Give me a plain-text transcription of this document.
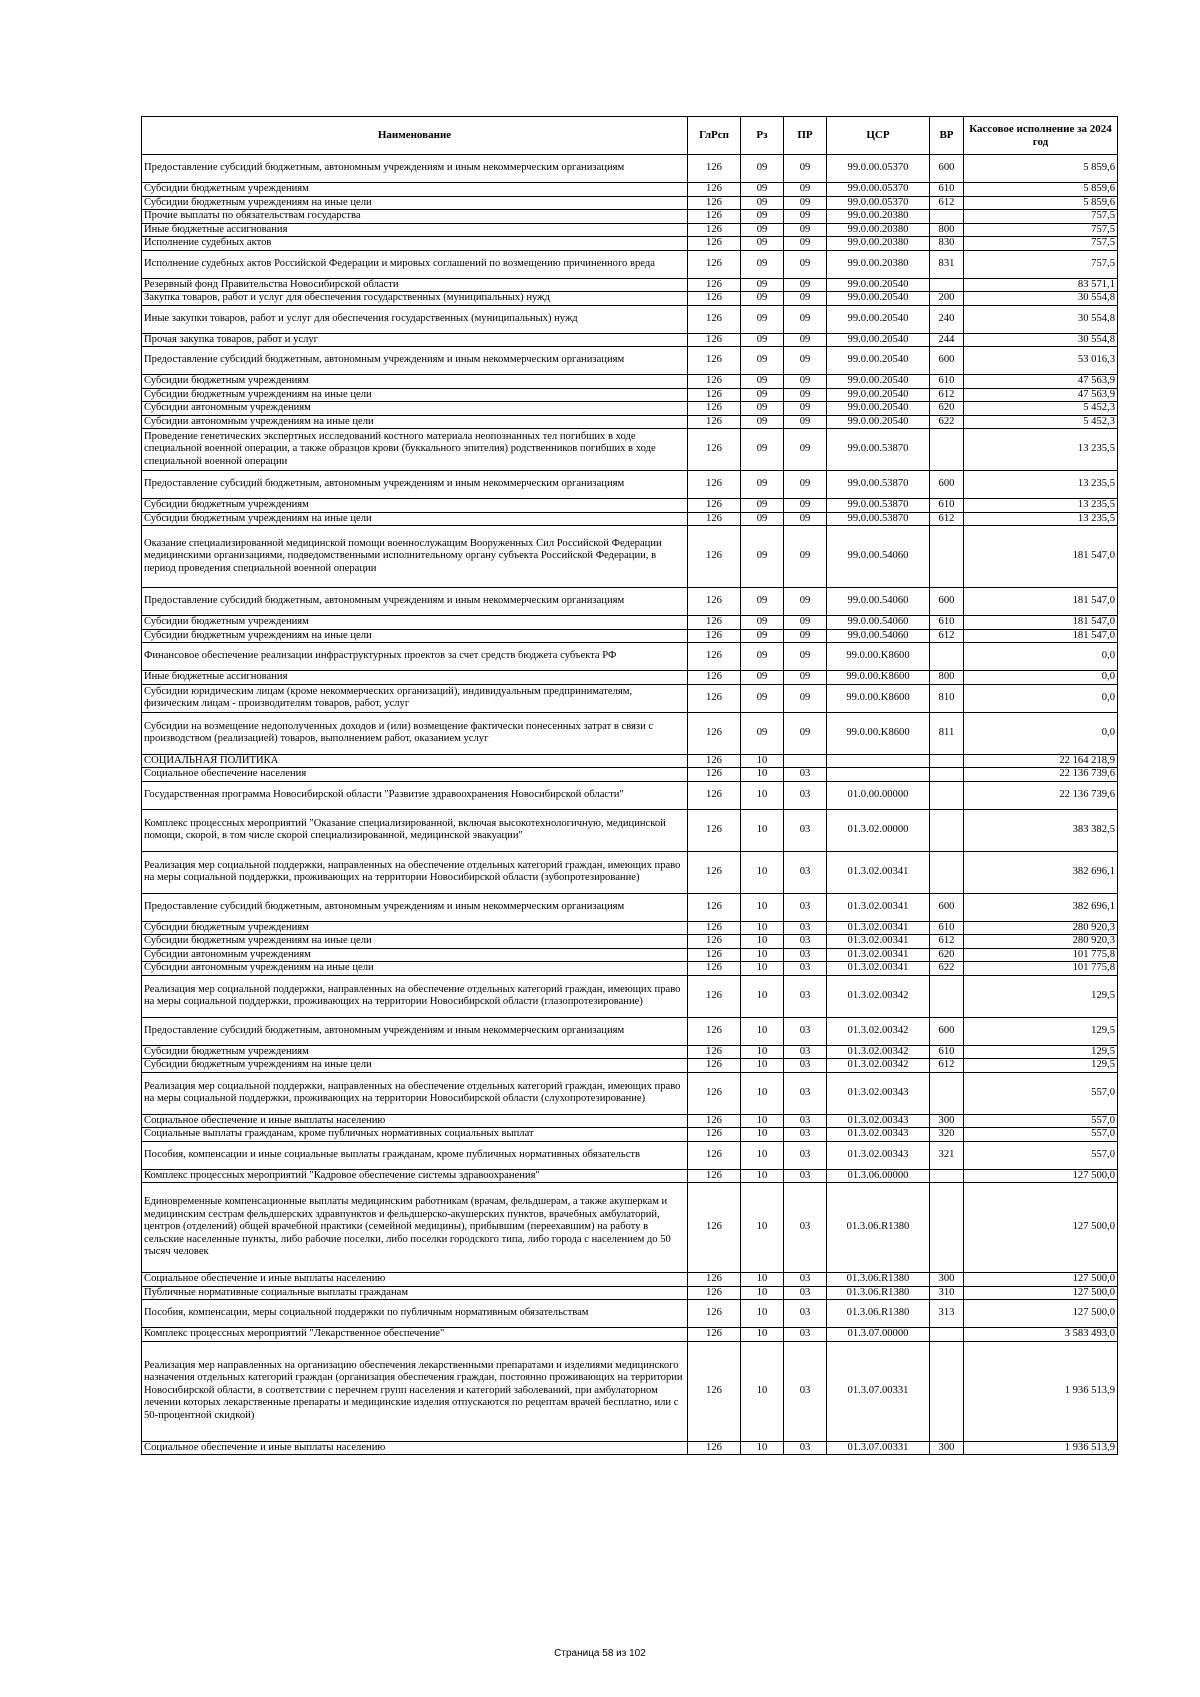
Наименование	ГлРсп	Рз	ПР	ЦСР	ВР	Кассовое исполнение за 2024 год
Предоставление субсидий бюджетным, автономным учреждениям и иным некоммерческим организациям	126	09	09	99.0.00.05370	600	5 859,6
Субсидии бюджетным учреждениям	126	09	09	99.0.00.05370	610	5 859,6
Субсидии бюджетным учреждениям на иные цели	126	09	09	99.0.00.05370	612	5 859,6
Прочие выплаты по обязательствам государства	126	09	09	99.0.00.20380		757,5
Иные бюджетные ассигнования	126	09	09	99.0.00.20380	800	757,5
Исполнение судебных актов	126	09	09	99.0.00.20380	830	757,5
Исполнение судебных актов Российской Федерации и мировых соглашений по возмещению причиненного вреда	126	09	09	99.0.00.20380	831	757,5
Резервный фонд Правительства Новосибирской области	126	09	09	99.0.00.20540		83 571,1
Закупка товаров, работ и услуг для обеспечения государственных (муниципальных) нужд	126	09	09	99.0.00.20540	200	30 554,8
Иные закупки товаров, работ и услуг для обеспечения государственных (муниципальных) нужд	126	09	09	99.0.00.20540	240	30 554,8
Прочая закупка товаров, работ и услуг	126	09	09	99.0.00.20540	244	30 554,8
Предоставление субсидий бюджетным, автономным учреждениям и иным некоммерческим организациям	126	09	09	99.0.00.20540	600	53 016,3
Субсидии бюджетным учреждениям	126	09	09	99.0.00.20540	610	47 563,9
Субсидии бюджетным учреждениям на иные цели	126	09	09	99.0.00.20540	612	47 563,9
Субсидии автономным учреждениям	126	09	09	99.0.00.20540	620	5 452,3
Субсидии автономным учреждениям на иные цели	126	09	09	99.0.00.20540	622	5 452,3
Проведение генетических экспертных исследований костного материала неопознанных тел погибших в ходе специальной военной операции, а также образцов крови (буккального эпителия) родственников погибших в ходе специальной военной операции	126	09	09	99.0.00.53870		13 235,5
Предоставление субсидий бюджетным, автономным учреждениям и иным некоммерческим организациям	126	09	09	99.0.00.53870	600	13 235,5
Субсидии бюджетным учреждениям	126	09	09	99.0.00.53870	610	13 235,5
Субсидии бюджетным учреждениям на иные цели	126	09	09	99.0.00.53870	612	13 235,5
Оказание специализированной медицинской помощи военнослужащим Вооруженных Сил Российской Федерации медицинскими организациями, подведомственными исполнительному органу субъекта Российской Федерации, в период проведения специальной военной операции	126	09	09	99.0.00.54060		181 547,0
Предоставление субсидий бюджетным, автономным учреждениям и иным некоммерческим организациям	126	09	09	99.0.00.54060	600	181 547,0
Субсидии бюджетным учреждениям	126	09	09	99.0.00.54060	610	181 547,0
Субсидии бюджетным учреждениям на иные цели	126	09	09	99.0.00.54060	612	181 547,0
Финансовое обеспечение реализации инфраструктурных проектов за счет средств бюджета субъекта РФ	126	09	09	99.0.00.K8600		0,0
Иные бюджетные ассигнования	126	09	09	99.0.00.K8600	800	0,0
Субсидии юридическим лицам (кроме некоммерческих организаций), индивидуальным предпринимателям, физическим лицам - производителям товаров, работ, услуг	126	09	09	99.0.00.K8600	810	0,0
Субсидии на возмещение недополученных доходов и (или) возмещение фактически понесенных затрат в связи с производством (реализацией) товаров, выполнением работ, оказанием услуг	126	09	09	99.0.00.K8600	811	0,0
СОЦИАЛЬНАЯ ПОЛИТИКА	126	10				22 164 218,9
Социальное обеспечение населения	126	10	03			22 136 739,6
Государственная программа Новосибирской области "Развитие здравоохранения Новосибирской области"	126	10	03	01.0.00.00000		22 136 739,6
Комплекс процессных мероприятий "Оказание специализированной, включая высокотехнологичную, медицинской помощи, скорой, в том числе скорой специализированной, медицинской эвакуации"	126	10	03	01.3.02.00000		383 382,5
Реализация мер социальной поддержки, направленных на обеспечение отдельных категорий граждан, имеющих право на меры социальной поддержки, проживающих на территории Новосибирской области (зубопротезирование)	126	10	03	01.3.02.00341		382 696,1
Предоставление субсидий бюджетным, автономным учреждениям и иным некоммерческим организациям	126	10	03	01.3.02.00341	600	382 696,1
Субсидии бюджетным учреждениям	126	10	03	01.3.02.00341	610	280 920,3
Субсидии бюджетным учреждениям на иные цели	126	10	03	01.3.02.00341	612	280 920,3
Субсидии автономным учреждениям	126	10	03	01.3.02.00341	620	101 775,8
Субсидии автономным учреждениям на иные цели	126	10	03	01.3.02.00341	622	101 775,8
Реализация мер социальной поддержки, направленных на обеспечение отдельных категорий граждан, имеющих право на меры социальной поддержки, проживающих на территории Новосибирской области (глазопротезирование)	126	10	03	01.3.02.00342		129,5
Предоставление субсидий бюджетным, автономным учреждениям и иным некоммерческим организациям	126	10	03	01.3.02.00342	600	129,5
Субсидии бюджетным учреждениям	126	10	03	01.3.02.00342	610	129,5
Субсидии бюджетным учреждениям на иные цели	126	10	03	01.3.02.00342	612	129,5
Реализация мер социальной поддержки, направленных на обеспечение отдельных категорий граждан, имеющих право на меры социальной поддержки, проживающих на территории Новосибирской области (слухопротезирование)	126	10	03	01.3.02.00343		557,0
Социальное обеспечение и иные выплаты населению	126	10	03	01.3.02.00343	300	557,0
Социальные выплаты гражданам, кроме публичных нормативных социальных выплат	126	10	03	01.3.02.00343	320	557,0
Пособия, компенсации и иные социальные выплаты гражданам, кроме публичных нормативных обязательств	126	10	03	01.3.02.00343	321	557,0
Комплекс процессных мероприятий "Кадровое обеспечение системы здравоохранения"	126	10	03	01.3.06.00000		127 500,0
Единовременные компенсационные выплаты медицинским работникам (врачам, фельдшерам, а также акушеркам и медицинским сестрам фельдшерских здравпунктов и фельдшерско-акушерских пунктов, врачебных амбулаторий, центров (отделений) общей врачебной практики (семейной медицины), прибывшим (переехавшим) на работу в сельские населенные пункты, либо рабочие поселки, либо поселки городского типа, либо города с населением до 50 тысяч человек	126	10	03	01.3.06.R1380		127 500,0
Социальное обеспечение и иные выплаты населению	126	10	03	01.3.06.R1380	300	127 500,0
Публичные нормативные социальные выплаты гражданам	126	10	03	01.3.06.R1380	310	127 500,0
Пособия, компенсации, меры социальной поддержки по публичным нормативным обязательствам	126	10	03	01.3.06.R1380	313	127 500,0
Комплекс процессных мероприятий "Лекарственное обеспечение"	126	10	03	01.3.07.00000		3 583 493,0
Реализация мер направленных на организацию обеспечения лекарственными препаратами и изделиями медицинского назначения отдельных категорий граждан (организация обеспечения граждан, постоянно проживающих на территории Новосибирской области, в соответствии с перечнем групп населения и категорий заболеваний, при амбулаторном лечении которых лекарственные препараты и медицинские изделия отпускаются по рецептам врачей бесплатно, или с 50-процентной скидкой)	126	10	03	01.3.07.00331		1 936 513,9
Социальное обеспечение и иные выплаты населению	126	10	03	01.3.07.00331	300	1 936 513,9
Страница 58 из 102
